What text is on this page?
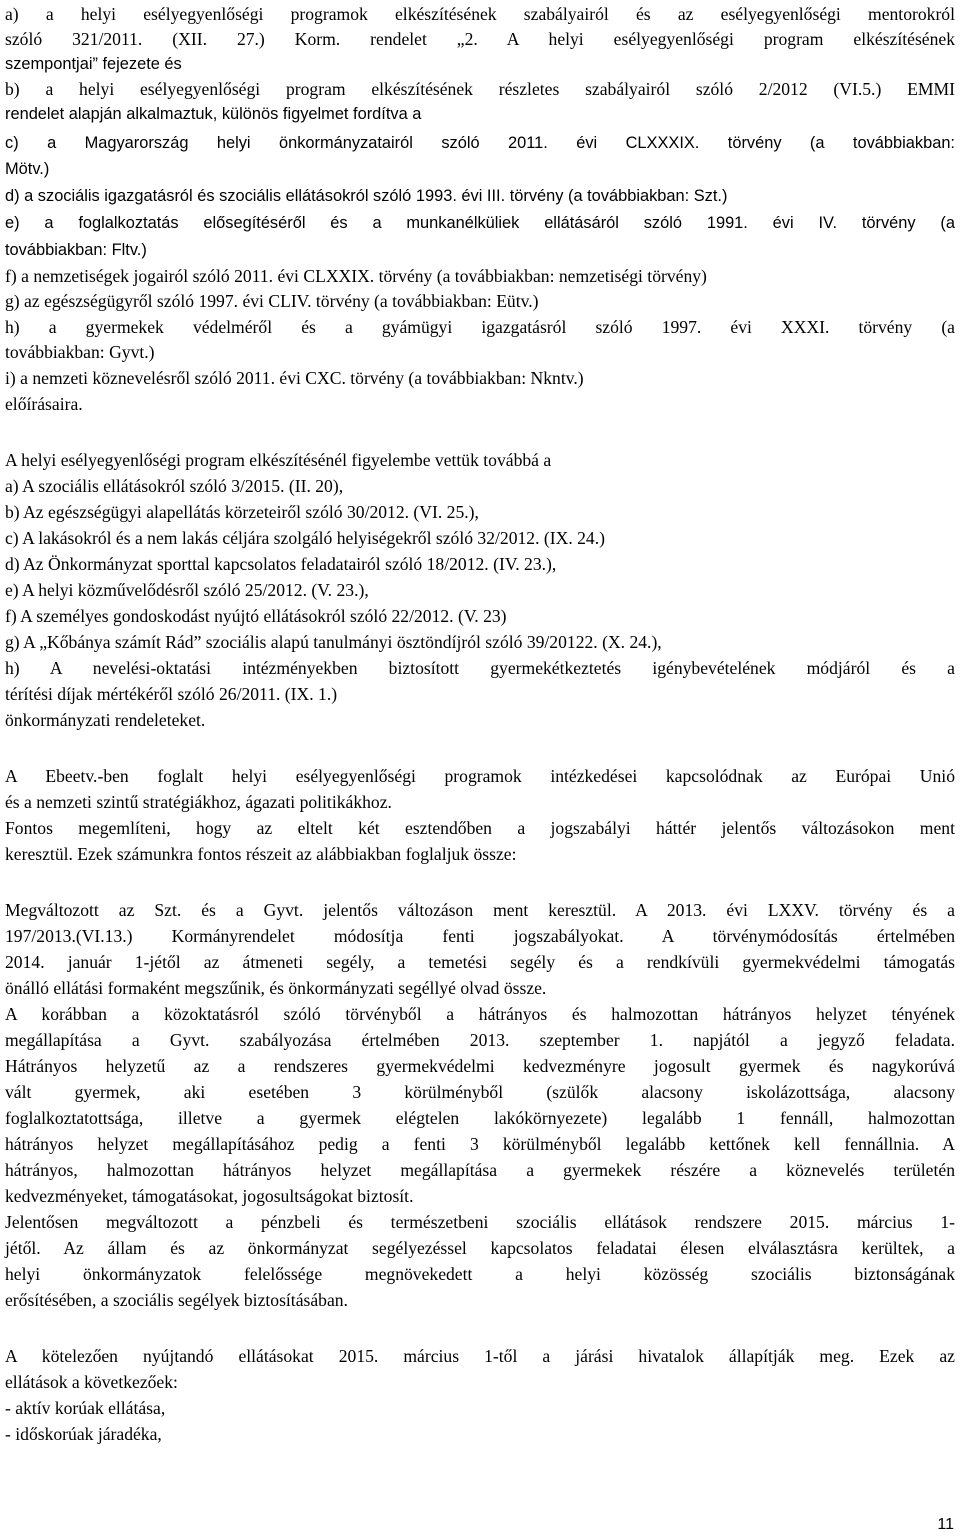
a) a helyi esélyegyenlőségi programok elkészítésének szabályairól és az esélyegyenlőségi mentorokról
szóló 321/2011. (XII. 27.) Korm. rendelet „2. A helyi esélyegyenlőségi program elkészítésének
szempontjai” fejezete és
b) a helyi esélyegyenlőségi program elkészítésének részletes szabályairól szóló 2/2012 (VI.5.) EMMI
rendelet alapján alkalmaztuk, különös figyelmet fordítva a
c) a Magyarország helyi önkormányzatairól szóló 2011. évi CLXXXIX. törvény (a továbbiakban:
Mötv.)
d) a szociális igazgatásról és szociális ellátásokról szóló 1993. évi III. törvény (a továbbiakban: Szt.)
e) a foglalkoztatás elősegítéséről és a munkanélküliek ellátásáról szóló 1991. évi IV. törvény (a
továbbiakban: Fltv.)
f) a nemzetiségek jogairól szóló 2011. évi CLXXIX. törvény (a továbbiakban: nemzetiségi törvény)
g) az egészségügyről szóló 1997. évi CLIV. törvény (a továbbiakban: Eütv.)
h) a gyermekek védelméről és a gyámügyi igazgatásról szóló 1997. évi XXXI. törvény (a
továbbiakban: Gyvt.)
i) a nemzeti köznevelésről szóló 2011. évi CXC. törvény (a továbbiakban: Nkntv.)
előírásaira.
A helyi esélyegyenlőségi program elkészítésénél figyelembe vettük továbbá a
a) A szociális ellátásokról szóló 3/2015. (II. 20),
b) Az egészségügyi alapellátás körzeteiről szóló 30/2012. (VI. 25.),
c) A lakásokról és a nem lakás céljára szolgáló helyiségekről szóló 32/2012. (IX. 24.)
d) Az Önkormányzat sporttal kapcsolatos feladatairól szóló 18/2012. (IV. 23.),
e) A helyi közművelődésről szóló 25/2012. (V. 23.),
f) A személyes gondoskodást nyújtó ellátásokról szóló 22/2012. (V. 23)
g) A „Kőbánya számít Rád” szociális alapú tanulmányi ösztöndíjról szóló 39/20122. (X. 24.),
h) A nevelési-oktatási intézményekben biztosított gyermekétkeztetés igénybevételének módjáról és a
térítési díjak mértékéről szóló 26/2011. (IX. 1.)
önkormányzati rendeleteket.
A Ebeetv.-ben foglalt helyi esélyegyenlőségi programok intézkedései kapcsolódnak az Európai Unió
és a nemzeti szintű stratégiákhoz, ágazati politikákhoz.
Fontos megemlíteni, hogy az eltelt két esztendőben a jogszabályi háttér jelentős változásokon ment
keresztül. Ezek számunkra fontos részeit az alábbiakban foglaljuk össze:
Megváltozott az Szt. és a Gyvt. jelentős változáson ment keresztül. A 2013. évi LXXV. törvény és a
197/2013.(VI.13.) Kormányrendelet módosítja fenti jogszabályokat. A törvénymódosítás értelmében
2014. január 1-jétől az átmeneti segély, a temetési segély és a rendkívüli gyermekvédelmi támogatás
önálló ellátási formaként megszűnik, és önkormányzati segéllyé olvad össze.
A korábban a közoktatásról szóló törvényből a hátrányos és halmozottan hátrányos helyzet tényének
megállapítása a Gyvt. szabályozása értelmében 2013. szeptember 1. napjától a jegyző feladata.
Hátrányos helyzetű az a rendszeres gyermekvédelmi kedvezményre jogosult gyermek és nagykorúvá
vált gyermek, aki esetében 3 körülményből (szülők alacsony iskolázottsága, alacsony
foglalkoztatottsága, illetve a gyermek elégtelen lakókörnyezete) legalább 1 fennáll, halmozottan
hátrányos helyzet megállapításához pedig a fenti 3 körülményből legalább kettőnek kell fennállnia. A
hátrányos, halmozottan hátrányos helyzet megállapítása a gyermekek részére a köznevelés területén
kedvezményeket, támogatásokat, jogosultságokat biztosít.
Jelentősen megváltozott a pénzbeli és természetbeni szociális ellátások rendszere 2015. március 1-
jétől. Az állam és az önkormányzat segélyezéssel kapcsolatos feladatai élesen elválasztásra kerültek, a
helyi önkormányzatok felelőssége megnövekedett a helyi közösség szociális biztonságának
erősítésében, a szociális segélyek biztosításában.
A kötelezően nyújtandó ellátásokat 2015. március 1-től a járási hivatalok állapítják meg. Ezek az
ellátások a következőek:
- aktív korúak ellátása,
- időskorúak járadéka,
11
